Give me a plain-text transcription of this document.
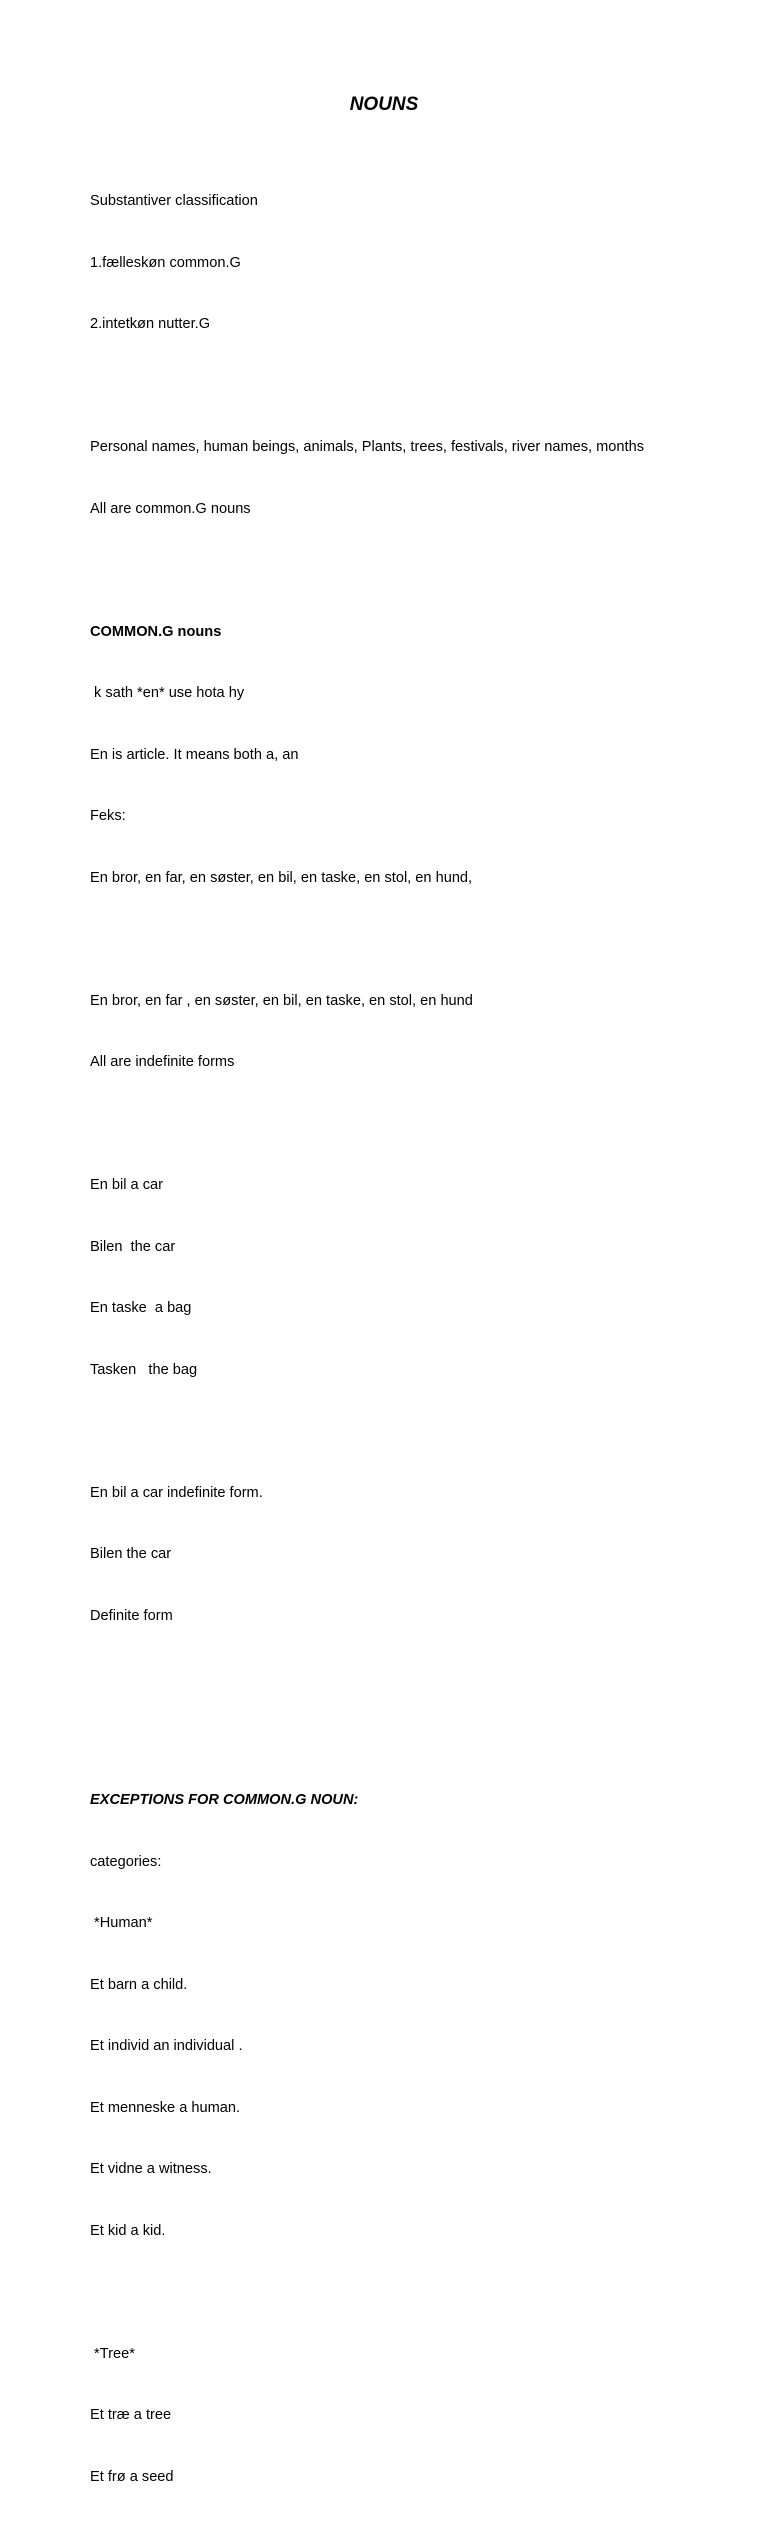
NOUNS

Substantiver classification

1.fælleskøn common.G

2.intetkøn nutter.G

Personal names, human beings, animals, Plants, trees, festivals, river names, months

All are common.G nouns

COMMON.G nouns

k sath *en* use hota hy

En is article. It means both a, an

Feks:

En bror, en far, en søster, en bil, en taske, en stol, en hund,

En bror, en far , en søster, en bil, en taske, en stol, en hund

All are indefinite forms

En bil a car

Bilen  the car

En taske  a bag

Tasken   the bag

En bil a car indefinite form.

Bilen the car

Definite form

EXCEPTIONS FOR COMMON.G NOUN:

categories:

*Human*

Et barn a child.

Et individ an individual .

Et menneske a human.

Et vidne a witness.

Et kid a kid.

*Tree*

Et træ a tree

Et frø a seed
